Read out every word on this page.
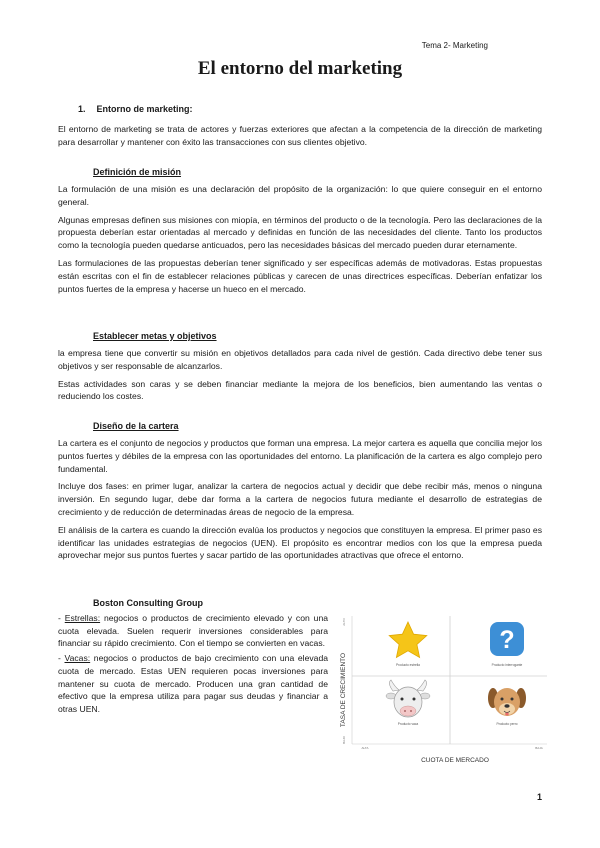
Tema 2- Marketing
El entorno del marketing
1. Entorno de marketing:

El entorno de marketing se trata de actores y fuerzas exteriores que afectan a la competencia de la dirección de marketing para desarrollar y mantener con éxito las transacciones con sus clientes objetivo.

Definición de misión

La formulación de una misión es una declaración del propósito de la organización: lo que quiere conseguir en el entorno general.

Algunas empresas definen sus misiones con miopía, en términos del producto o de la tecnología. Pero las declaraciones de la propuesta deberían estar orientadas al mercado y definidas en función de las necesidades del cliente. Tanto los productos como la tecnología pueden quedarse anticuados, pero las necesidades básicas del mercado pueden durar eternamente.

Las formulaciones de las propuestas deberían tener significado y ser específicas además de motivadoras. Estas propuestas están escritas con el fin de establecer relaciones públicas y carecen de unas directrices específicas. Deberían enfatizar los puntos fuertes de la empresa y hacerse un hueco en el mercado.

Establecer metas y objetivos

la empresa tiene que convertir su misión en objetivos detallados para cada nivel de gestión. Cada directivo debe tener sus objetivos y ser responsable de alcanzarlos.

Estas actividades son caras y se deben financiar mediante la mejora de los beneficios, bien aumentando las ventas o reduciendo los costes.

Diseño de la cartera

La cartera es el conjunto de negocios y productos que forman una empresa. La mejor cartera es aquella que concilia mejor los puntos fuertes y débiles de la empresa con las oportunidades del entorno. La planificación de la cartera es algo complejo pero fundamental.

Incluye dos fases: en primer lugar, analizar la cartera de negocios actual y decidir que debe recibir más, menos o ninguna inversión. En segundo lugar, debe dar forma a la cartera de negocios futura mediante el desarrollo de estrategias de crecimiento y de reducción de determinadas áreas de negocio de la empresa.

El análisis de la cartera es cuando la dirección evalúa los productos y negocios que constituyen la empresa. El primer paso es identificar las unidades estrategias de negocios (UEN). El propósito es encontrar medios con los que la empresa pueda aprovechar mejor sus puntos fuertes y sacar partido de las oportunidades atractivas que ofrece el entorno.

Boston Consulting Group

- Estrellas: negocios o productos de crecimiento elevado y con una cuota elevada. Suelen requerir inversiones considerables para financiar su rápido crecimiento. Con el tiempo se convierten en vacas.

- Vacas: negocios o productos de bajo crecimiento con una elevada cuota de mercado. Estas UEN requieren pocas inversiones para mantener su cuota de mercado. Producen una gran cantidad de efectivo que la empresa utiliza para pagar sus deudas y financiar a otras UEN.	TASA DE CRECIMIENTO
ALTO
BAJO
ALTA	BAJA
CUOTA DE MERCADO
Producto estrella
?
Producto interrogante
Producto vaca	Producto perro
1
